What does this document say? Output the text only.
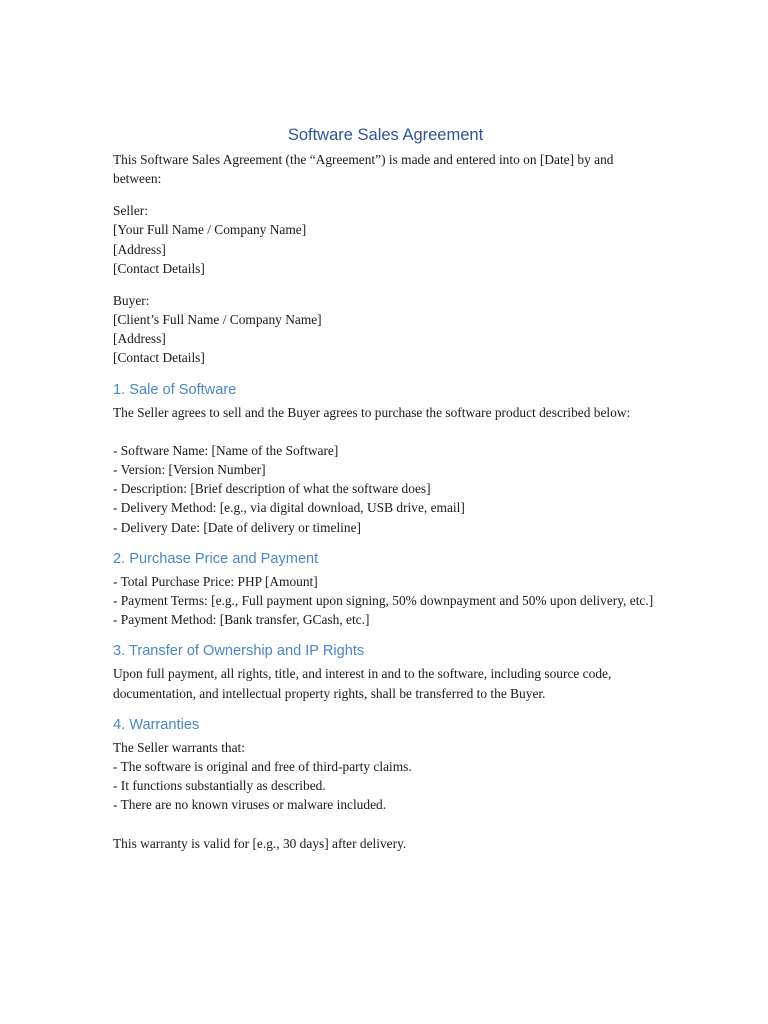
Software Sales Agreement

This Software Sales Agreement (the “Agreement”) is made and entered into on [Date] by and between:

Seller:
[Your Full Name / Company Name]
[Address]
[Contact Details]
Buyer:
[Client’s Full Name / Company Name]
[Address]
[Contact Details]
1. Sale of Software

The Seller agrees to sell and the Buyer agrees to purchase the software product described below:

- Software Name: [Name of the Software]
- Version: [Version Number]
- Description: [Brief description of what the software does]
- Delivery Method: [e.g., via digital download, USB drive, email]
- Delivery Date: [Date of delivery or timeline]
2. Purchase Price and Payment
- Total Purchase Price: PHP [Amount]
- Payment Terms: [e.g., Full payment upon signing, 50% downpayment and 50% upon delivery, etc.]
- Payment Method: [Bank transfer, GCash, etc.]
3. Transfer of Ownership and IP Rights

Upon full payment, all rights, title, and interest in and to the software, including source code, documentation, and intellectual property rights, shall be transferred to the Buyer.

4. Warranties
The Seller warrants that:
- The software is original and free of third-party claims.
- It functions substantially as described.
- There are no known viruses or malware included.

This warranty is valid for [e.g., 30 days] after delivery.
